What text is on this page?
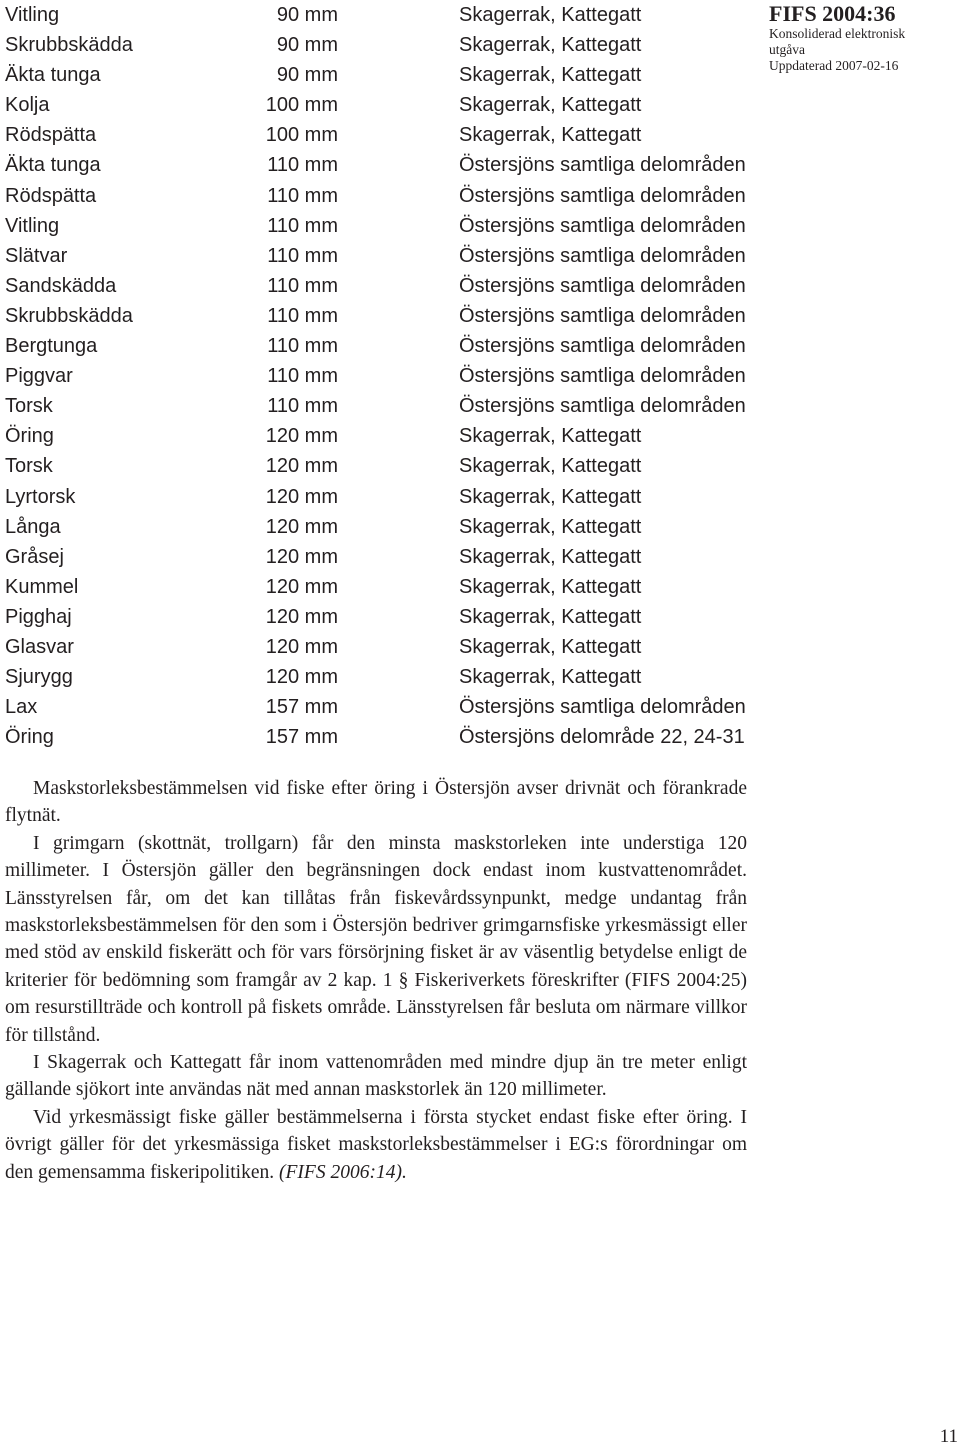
FIFS 2004:36
Konsoliderad elektronisk utgåva
Uppdaterad 2007-02-16
Vitling	90 mm	Skagerrak, Kattegatt
Skrubbskädda	90 mm	Skagerrak, Kattegatt
Äkta tunga	90 mm	Skagerrak, Kattegatt
Kolja	100 mm	Skagerrak, Kattegatt
Rödspätta	100 mm	Skagerrak, Kattegatt
Äkta tunga	110 mm	Östersjöns samtliga delområden
Rödspätta	110 mm	Östersjöns samtliga delområden
Vitling	110 mm	Östersjöns samtliga delområden
Slätvar	110 mm	Östersjöns samtliga delområden
Sandskädda	110 mm	Östersjöns samtliga delområden
Skrubbskädda	110 mm	Östersjöns samtliga delområden
Bergtunga	110 mm	Östersjöns samtliga delområden
Piggvar	110 mm	Östersjöns samtliga delområden
Torsk	110 mm	Östersjöns samtliga delområden
Öring	120 mm	Skagerrak, Kattegatt
Torsk	120 mm	Skagerrak, Kattegatt
Lyrtorsk	120 mm	Skagerrak, Kattegatt
Långa	120 mm	Skagerrak, Kattegatt
Gråsej	120 mm	Skagerrak, Kattegatt
Kummel	120 mm	Skagerrak, Kattegatt
Pigghaj	120 mm	Skagerrak, Kattegatt
Glasvar	120 mm	Skagerrak, Kattegatt
Sjurygg	120 mm	Skagerrak, Kattegatt
Lax	157 mm	Östersjöns samtliga delområden
Öring	157 mm	Östersjöns delområde 22, 24-31

Maskstorleksbestämmelsen vid fiske efter öring i Östersjön avser drivnät och förankrade flytnät.

I grimgarn (skottnät, trollgarn) får den minsta maskstorleken inte understiga 120 millimeter. I Östersjön gäller den begränsningen dock endast inom kustvattenområdet. Länsstyrelsen får, om det kan tillåtas från fiskevårdssynpunkt, medge undantag från maskstorleksbestämmelsen för den som i Östersjön bedriver grimgarnsfiske yrkesmässigt eller med stöd av enskild fiskerätt och för vars försörjning fisket är av väsentlig betydelse enligt de kriterier för bedömning som framgår av 2 kap. 1 § Fiskeriverkets föreskrifter (FIFS 2004:25) om resurstillträde och kontroll på fiskets område. Länsstyrelsen får besluta om närmare villkor för tillstånd.

I Skagerrak och Kattegatt får inom vattenområden med mindre djup än tre meter enligt gällande sjökort inte användas nät med annan maskstorlek än 120 millimeter.

Vid yrkesmässigt fiske gäller bestämmelserna i första stycket endast fiske efter öring. I övrigt gäller för det yrkesmässiga fisket maskstorleksbestämmelser i EG:s förordningar om den gemensamma fiskeripolitiken. (FIFS 2006:14).

11
